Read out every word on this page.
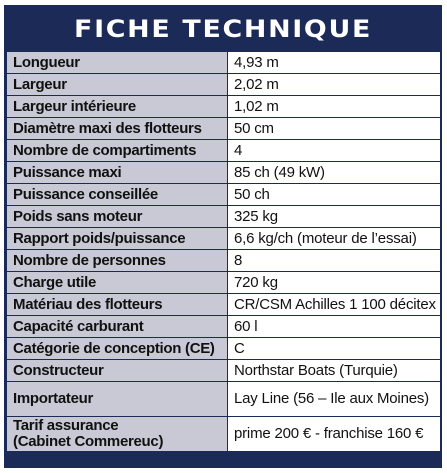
FICHE TECHNIQUE
Longueur	4,93 m
Largeur	2,02 m
Largeur intérieure	1,02 m
Diamètre maxi des flotteurs	50 cm
Nombre de compartiments	4
Puissance maxi	85 ch (49 kW)
Puissance conseillée	50 ch
Poids sans moteur	325 kg
Rapport poids/puissance	6,6 kg/ch (moteur de l’essai)
Nombre de personnes	8
Charge utile	720 kg
Matériau des flotteurs	CR/CSM Achilles 1 100 décitex
Capacité carburant	60 l
Catégorie de conception (CE)	C
Constructeur	Northstar Boats (Turquie)
Importateur	Lay Line (56 – Ile aux Moines)

Tarif assurance
(Cabinet Commereuc)	prime 200 € - franchise 160 €
